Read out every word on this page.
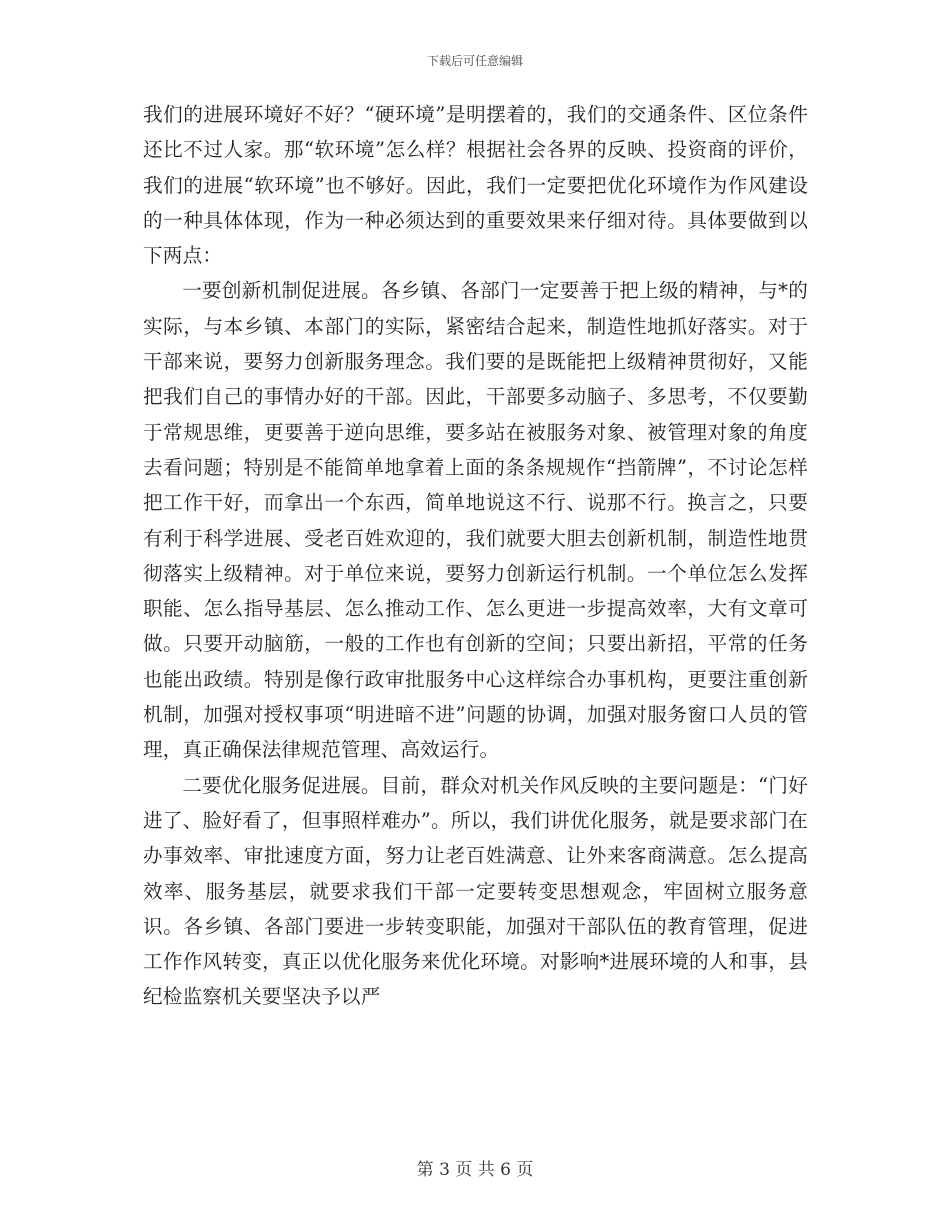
下载后可任意编辑

我们的进展环境好不好？“硬环境”是明摆着的，我们的交通条件、区位条件还比不过人家。那“软环境”怎么样？根据社会各界的反映、投资商的评价，我们的进展“软环境”也不够好。因此，我们一定要把优化环境作为作风建设的一种具体体现，作为一种必须达到的重要效果来仔细对待。具体要做到以下两点：

一要创新机制促进展。各乡镇、各部门一定要善于把上级的精神，与*的实际，与本乡镇、本部门的实际，紧密结合起来，制造性地抓好落实。对于干部来说，要努力创新服务理念。我们要的是既能把上级精神贯彻好，又能把我们自己的事情办好的干部。因此，干部要多动脑子、多思考，不仅要勤于常规思维，更要善于逆向思维，要多站在被服务对象、被管理对象的角度去看问题；特别是不能简单地拿着上面的条条规规作“挡箭牌”，不讨论怎样把工作干好，而拿出一个东西，简单地说这不行、说那不行。换言之，只要有利于科学进展、受老百姓欢迎的，我们就要大胆去创新机制，制造性地贯彻落实上级精神。对于单位来说，要努力创新运行机制。一个单位怎么发挥职能、怎么指导基层、怎么推动工作、怎么更进一步提高效率，大有文章可做。只要开动脑筋，一般的工作也有创新的空间；只要出新招，平常的任务也能出政绩。特别是像行政审批服务中心这样综合办事机构，更要注重创新机制，加强对授权事项“明进暗不进”问题的协调，加强对服务窗口人员的管理，真正确保法律规范管理、高效运行。

二要优化服务促进展。目前，群众对机关作风反映的主要问题是：“门好进了、脸好看了，但事照样难办”。所以，我们讲优化服务，就是要求部门在办事效率、审批速度方面，努力让老百姓满意、让外来客商满意。怎么提高效率、服务基层，就要求我们干部一定要转变思想观念，牢固树立服务意识。各乡镇、各部门要进一步转变职能，加强对干部队伍的教育管理，促进工作作风转变，真正以优化服务来优化环境。对影响*进展环境的人和事，县纪检监察机关要坚决予以严

第 3 页 共 6 页
